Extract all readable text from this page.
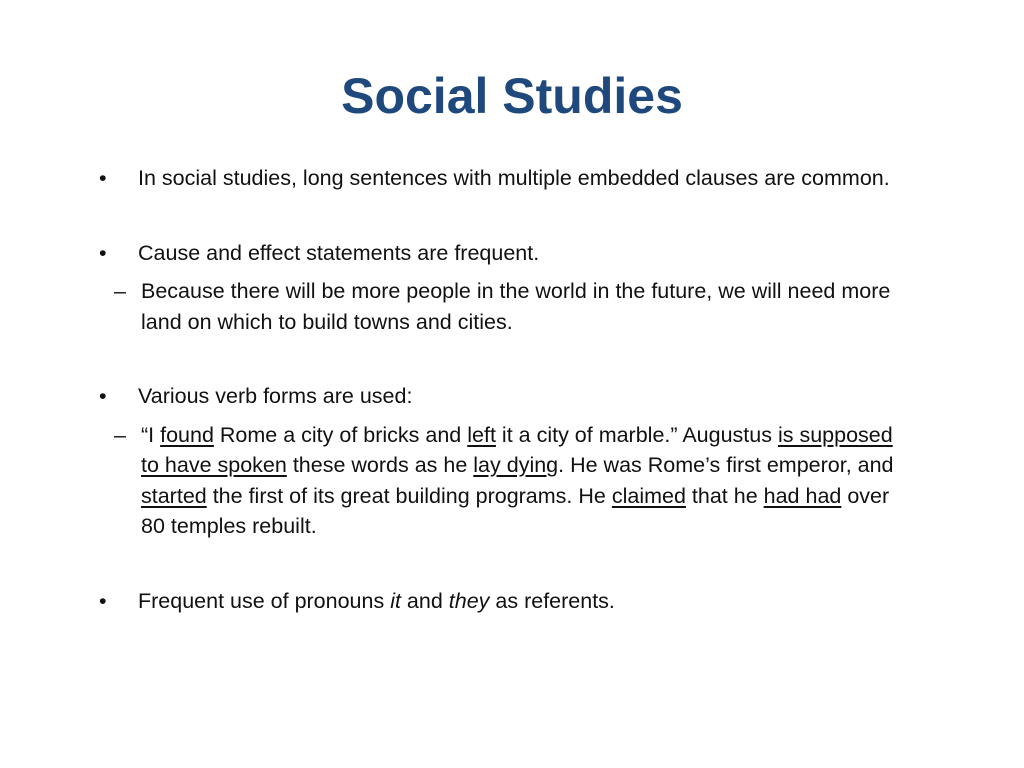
Social Studies
• In social studies, long sentences with multiple embedded clauses are common.

• Cause and effect statements are frequent.

– Because there will be more people in the world in the future, we will need more land on which to build towns and cities.

• Various verb forms are used:

– “I found Rome a city of bricks and left it a city of marble.” Augustus is supposed to have spoken these words as he lay dying. He was Rome’s first emperor, and started the first of its great building programs. He claimed that he had had over 80 temples rebuilt.

• Frequent use of pronouns it and they as referents.
